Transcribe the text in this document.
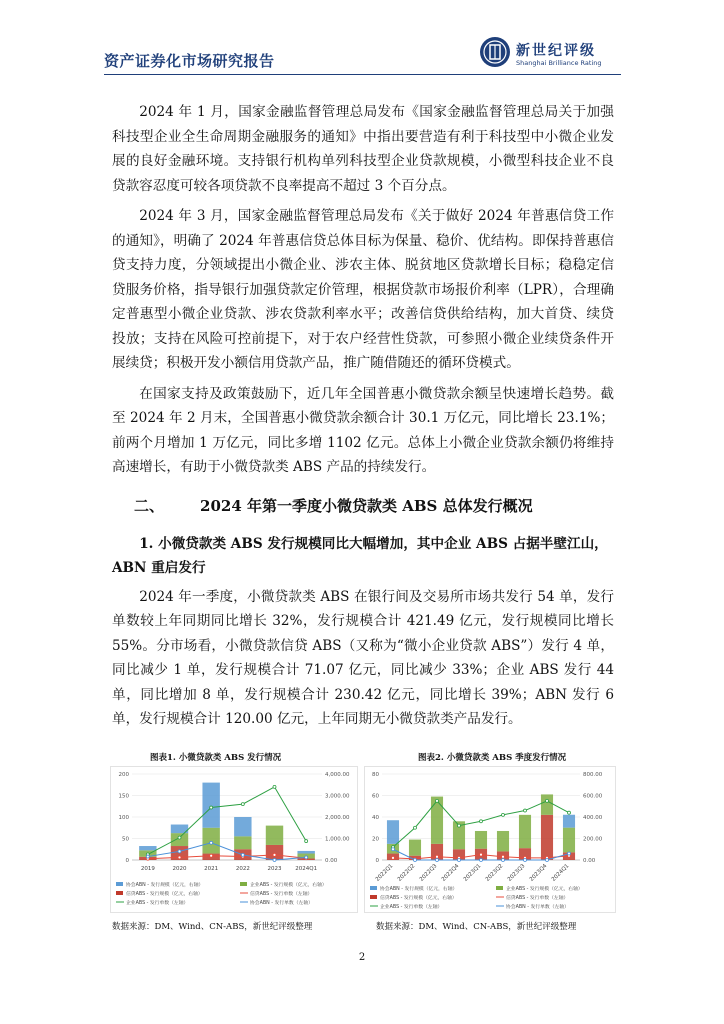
资产证券化市场研究报告
新世纪评级
Shanghai Brilliance Rating

2024 年 1 月，国家金融监督管理总局发布《国家金融监督管理总局关于加强科技型企业全生命周期金融服务的通知》中指出要营造有利于科技型中小微企业发展的良好金融环境。支持银行机构单列科技型企业贷款规模，小微型科技企业不良贷款容忍度可较各项贷款不良率提高不超过 3 个百分点。

2024 年 3 月，国家金融监督管理总局发布《关于做好 2024 年普惠信贷工作的通知》，明确了 2024 年普惠信贷总体目标为保量、稳价、优结构。即保持普惠信贷支持力度，分领域提出小微企业、涉农主体、脱贫地区贷款增长目标；稳稳定信贷服务价格，指导银行加强贷款定价管理，根据贷款市场报价利率（LPR），合理确定普惠型小微企业贷款、涉农贷款利率水平；改善信贷供给结构，加大首贷、续贷投放；支持在风险可控前提下，对于农户经营性贷款，可参照小微企业续贷条件开展续贷；积极开发小额信用贷款产品，推广随借随还的循环贷模式。

在国家支持及政策鼓励下，近几年全国普惠小微贷款余额呈快速增长趋势。截至 2024 年 2 月末，全国普惠小微贷款余额合计 30.1 万亿元，同比增长 23.1%；前两个月增加 1 万亿元，同比多增 1102 亿元。总体上小微企业贷款余额仍将维持高速增长，有助于小微贷款类 ABS 产品的持续发行。

二、 2024 年第一季度小微贷款类 ABS 总体发行概况

1. 小微贷款类 ABS 发行规模同比大幅增加，其中企业 ABS 占据半壁江山，ABN 重启发行

2024 年一季度，小微贷款类 ABS 在银行间及交易所市场共发行 54 单，发行单数较上年同期同比增长 32%，发行规模合计 421.49 亿元，发行规模同比增长 55%。分市场看，小微贷款信贷 ABS（又称为“微小企业贷款 ABS”）发行 4 单，同比减少 1 单，发行规模合计 71.07 亿元，同比减少 33%；企业 ABS 发行 44 单，同比增加 8 单，发行规模合计 230.42 亿元，同比增长 39%；ABN 发行 6 单，发行规模合计 120.00 亿元，上年同期无小微贷款类产品发行。

图表1. 小微贷款类 ABS 发行情况
0	0.00
50	1,000.00
100	2,000.00
150	3,000.00
200	4,000.00
2019	2020	2021	2022	2023	2024Q1
协会ABN - 发行规模（亿元，右轴）	企业ABS - 发行规模（亿元，右轴）
信贷ABS - 发行规模（亿元，右轴）	信贷ABS - 发行单数（左轴）
企业ABS - 发行单数（左轴）	协会ABN - 发行单数（左轴）
数据来源：DM、Wind、CN-ABS，新世纪评级整理
图表2. 小微贷款类 ABS 季度发行情况
0	0.00
20	200.00
40	400.00
60	600.00
80	800.00
2022Q1 2022Q2 2022Q3 2022Q4 2023Q1 2023Q2 2023Q3 2023Q4 2024Q1
协会ABN - 发行规模（亿元，右轴）	企业ABS - 发行规模（亿元，右轴）
信贷ABS - 发行规模（亿元，右轴）	信贷ABS - 发行单数（左轴）
企业ABS - 发行单数（左轴）	协会ABN - 发行单数（左轴）
数据来源：DM、Wind、CN-ABS，新世纪评级整理
2
